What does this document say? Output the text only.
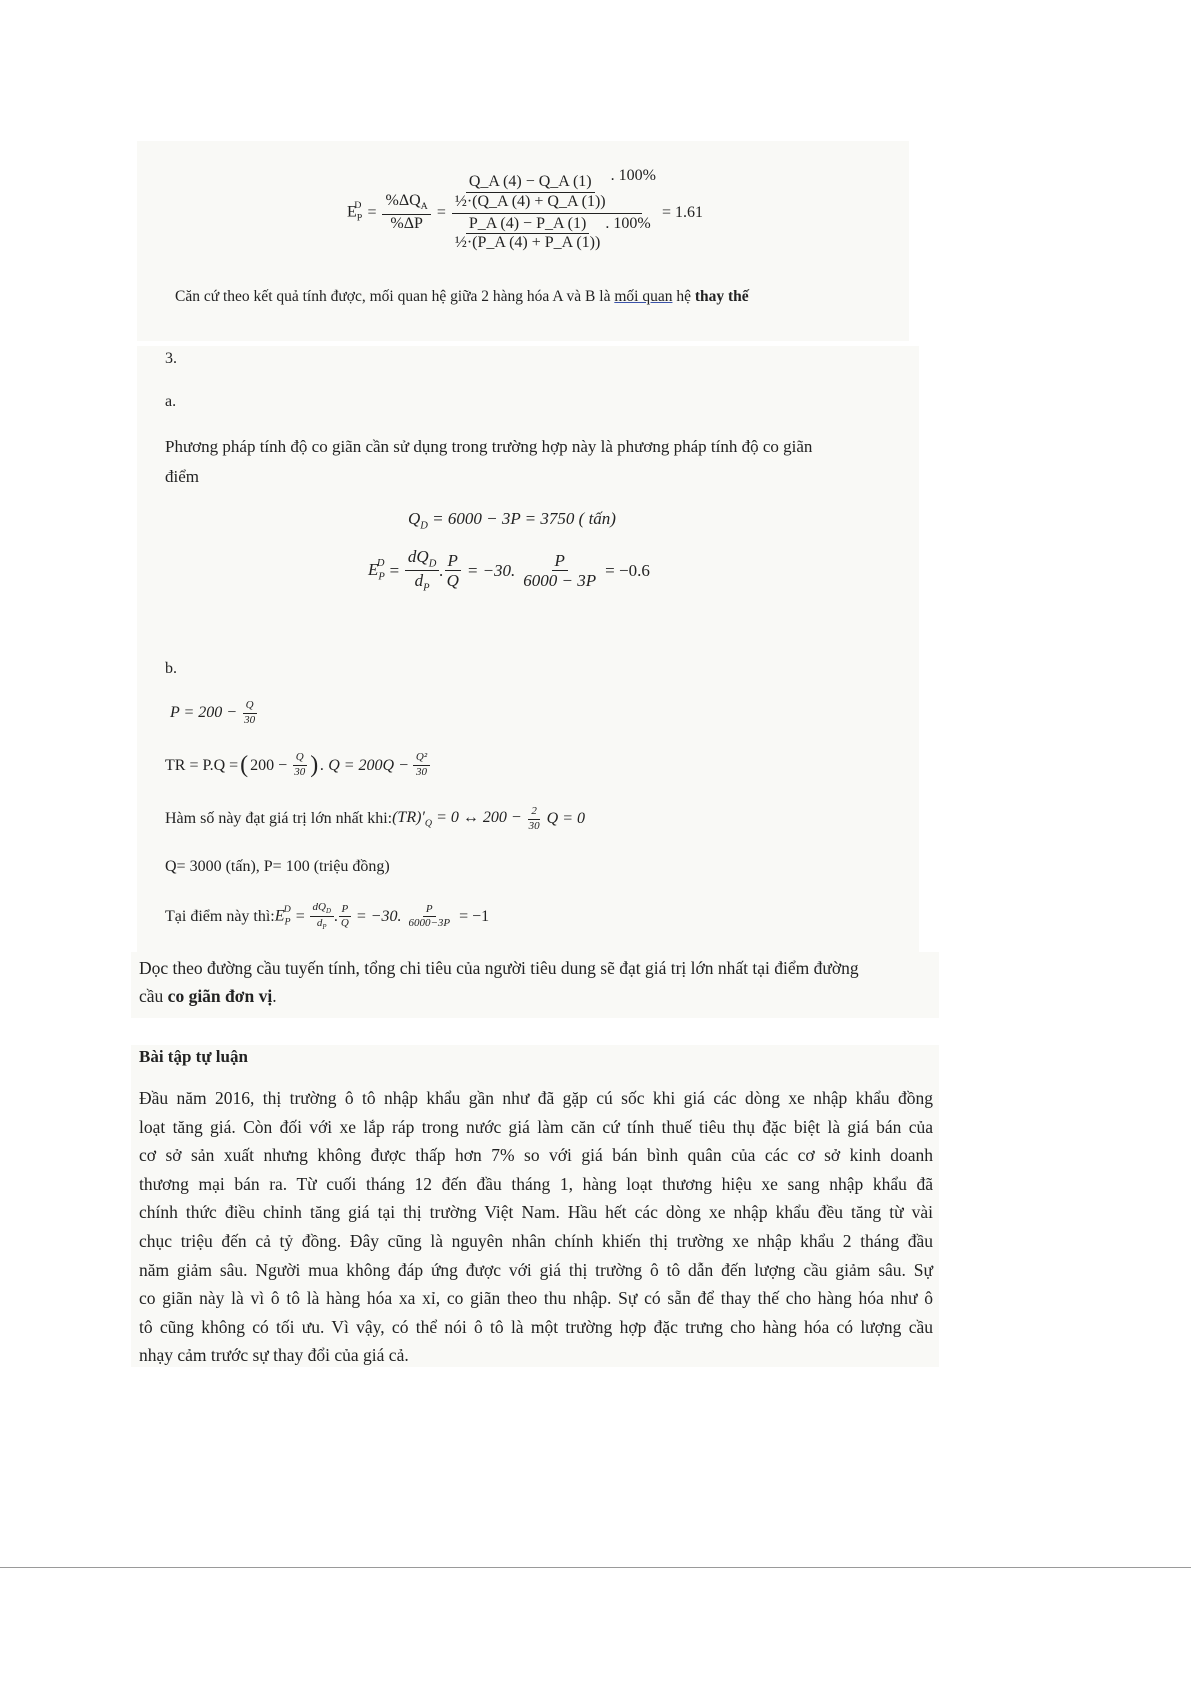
$E_P^D = \frac{\%\Delta Q_A}{\%\Delta P}$ =
$\frac{Q\_A (4) - Q\_A (1)}{\text{½·(Q\_A (4) + Q\_A (1))}}$ . 100%
$\frac{P\_A (4) - P\_A (1)}{\text{½·(P\_A (4) + P\_A (1))}}$ . 100%
= 1.61
Căn cứ theo kết quả tính được, mối quan hệ giữa 2 hàng hóa A và B là mối quan hệ thay thế
3.
a.
Phương pháp tính độ co giãn cần sử dụng trong trường hợp này là phương pháp tính độ co giãn
điểm
$Q_D = 6000 - 3P = 3750$ ( tấn)
$E_P^D = \frac{dQ_D}{d_P}$ . $\frac{P}{Q} = -30$. $\frac{P}{6000 - 3P} = -0.6$
b.
$P = 200 - \frac{Q}{30}$
TR = P.Q = ( $200 - \frac{Q}{30}$ ) . $Q = 200Q - \frac{\text{Q²}}{30}$
Hàm số này đạt giá trị lớn nhất khi: $(TR)'_Q = 0$ ↔ $200 - \frac{2}{30}$ Q = 0
Q= 3000 (tấn), P= 100 (triệu đồng)
Tại điểm này thì: $E_P^D = \frac{dQ_D}{d_P}$ . $\frac{P}{Q} = -30$. $\frac{P}{6000-3P} = -1$
Dọc theo đường cầu tuyến tính, tổng chi tiêu của người tiêu dung sẽ đạt giá trị lớn nhất tại điểm đường
cầu co giãn đơn vị.
Bài tập tự luận
Đầu năm 2016, thị trường ô tô nhập khẩu gần như đã gặp cú sốc khi giá các dòng xe nhập khẩu đồng
loạt tăng giá. Còn đối với xe lắp ráp trong nước giá làm căn cứ tính thuế tiêu thụ đặc biệt là giá bán của
cơ sở sản xuất nhưng không được thấp hơn 7% so với giá bán bình quân của các cơ sở kinh doanh
thương mại bán ra. Từ cuối tháng 12 đến đầu tháng 1, hàng loạt thương hiệu xe sang nhập khẩu đã
chính thức điều chỉnh tăng giá tại thị trường Việt Nam. Hầu hết các dòng xe nhập khẩu đều tăng từ vài
chục triệu đến cả tỷ đồng. Đây cũng là nguyên nhân chính khiến thị trường xe nhập khẩu 2 tháng đầu
năm giảm sâu. Người mua không đáp ứng được với giá thị trường ô tô dẫn đến lượng cầu giảm sâu. Sự
co giãn này là vì ô tô là hàng hóa xa xỉ, co giãn theo thu nhập. Sự có sẵn để thay thế cho hàng hóa như ô
tô cũng không có tối ưu. Vì vậy, có thể nói ô tô là một trường hợp đặc trưng cho hàng hóa có lượng cầu
nhạy cảm trước sự thay đổi của giá cả.
